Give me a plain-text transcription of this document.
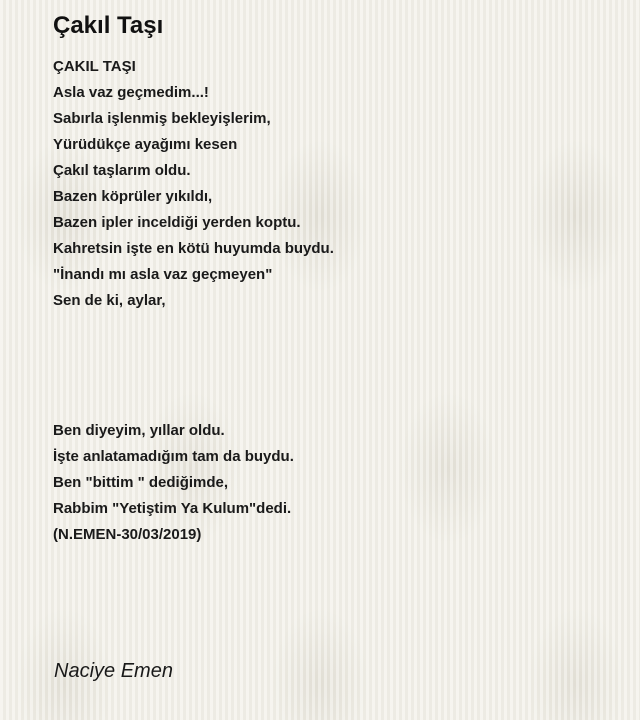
Çakıl Taşı
ÇAKIL TAŞI
Asla vaz geçmedim...!
Sabırla işlenmiş bekleyişlerim,
Yürüdükçe ayağımı kesen
Çakıl taşlarım oldu.
Bazen köprüler yıkıldı,
Bazen ipler inceldiği yerden koptu.
Kahretsin işte en kötü huyumda buydu.
"İnandı mı asla vaz geçmeyen"
Sen de ki, aylar,
Ben diyeyim, yıllar oldu.
İşte anlatamadığım tam da buydu.
Ben "bittim " dediğimde,
Rabbim "Yetiştim Ya Kulum"dedi.
(N.EMEN-30/03/2019)
Naciye Emen
